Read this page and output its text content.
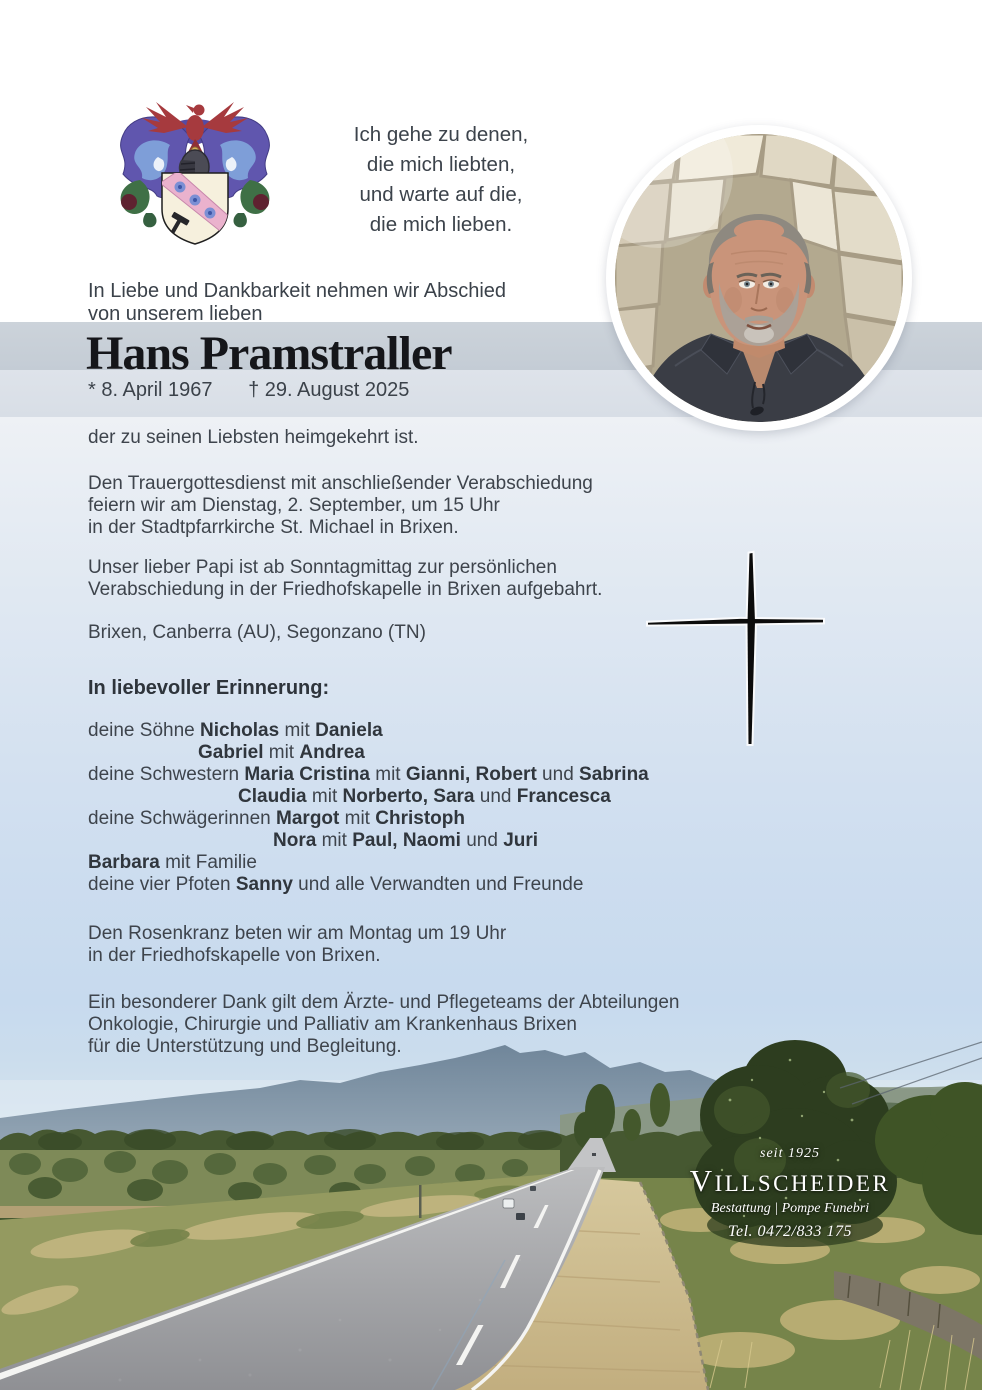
Ich gehe zu denen,
die mich liebten,
und warte auf die,
die mich lieben.
In Liebe und Dankbarkeit nehmen wir Abschied
von unserem lieben
Hans Pramstraller
* 8. April 1967 † 29. August 2025
der zu seinen Liebsten heimgekehrt ist.
Den Trauergottesdienst mit anschließender Verabschiedung
feiern wir am Dienstag, 2. September, um 15 Uhr
in der Stadtpfarrkirche St. Michael in Brixen.
Unser lieber Papi ist ab Sonntagmittag zur persönlichen
Verabschiedung in der Friedhofskapelle in Brixen aufgebahrt.
Brixen, Canberra (AU), Segonzano (TN)
In liebevoller Erinnerung:
deine Söhne Nicholas mit Daniela
Gabriel mit Andrea
deine Schwestern Maria Cristina mit Gianni, Robert und Sabrina
Claudia mit Norberto, Sara und Francesca
deine Schwägerinnen Margot mit Christoph
Nora mit Paul, Naomi und Juri
Barbara mit Familie
deine vier Pfoten Sanny und alle Verwandten und Freunde
Den Rosenkranz beten wir am Montag um 19 Uhr
in der Friedhofskapelle von Brixen.
Ein besonderer Dank gilt dem Ärzte- und Pflegeteams der Abteilungen
Onkologie, Chirurgie und Palliativ am Krankenhaus Brixen
für die Unterstützung und Begleitung.
seit 1925
VILLSCHEIDER
Bestattung | Pompe Funebri
Tel. 0472/833 175
